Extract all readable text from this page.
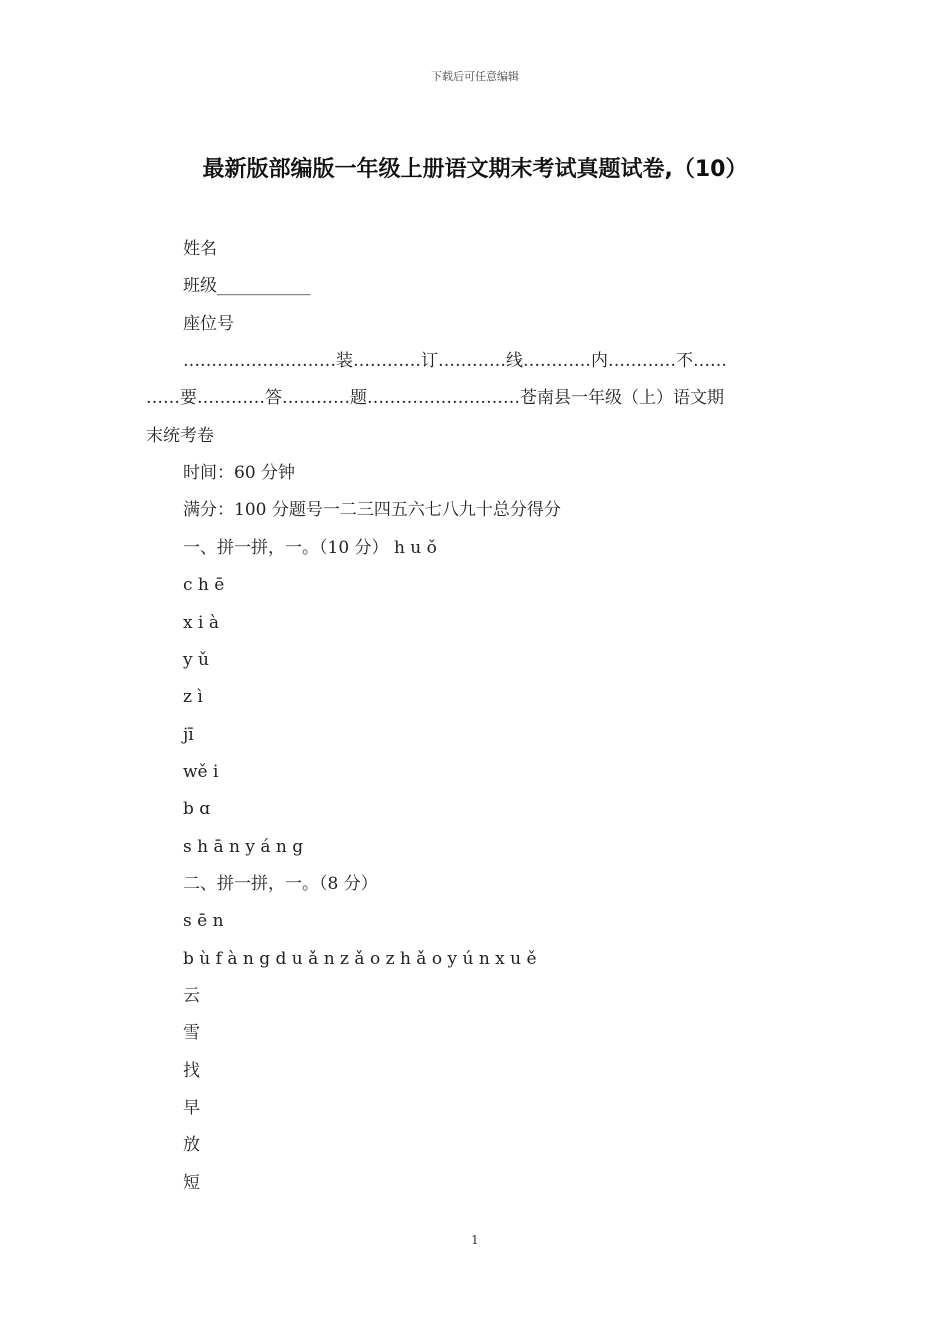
下载后可任意编辑
最新版部编版一年级上册语文期末考试真题试卷,（10）
姓名
班级___________
座位号
………………………装…………订…………线…………内…………不……
……要…………答…………题………………………苍南县一年级（上）语文期
末统考卷
时间：60 分钟
满分：100 分题号一二三四五六七八九十总分得分
一、拼一拼，一。（10 分） h u ǒ
c h ē
x i à
y ǔ
z ì
jī
wě i
b ɑ
s h ā n y á n g
二、拼一拼，一。（8 分）
s ē n
b ù f à n g d u ǎ n z ǎ o z h ǎ o y ú n x u ě
云
雪
找
早
放
短
1
